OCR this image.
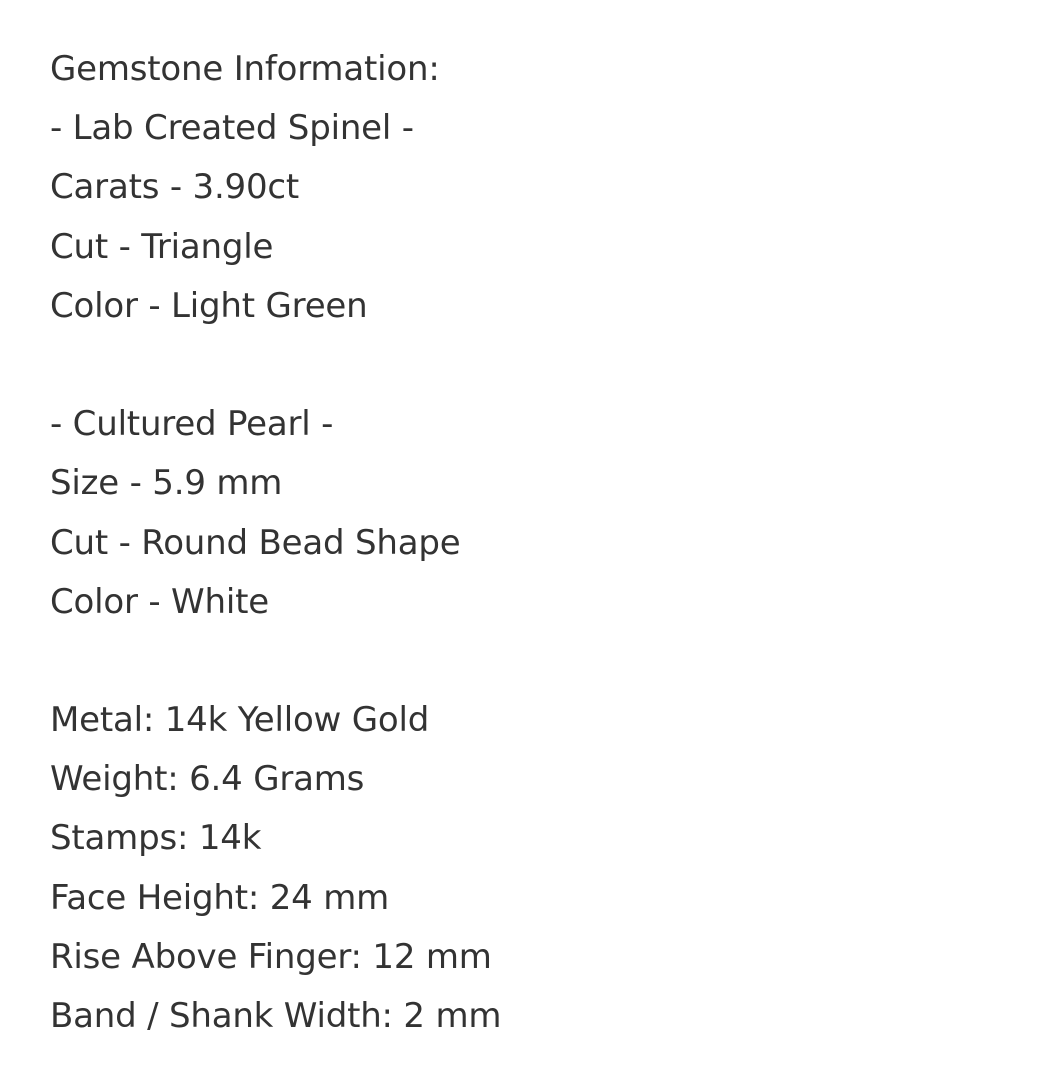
Gemstone Information:
- Lab Created Spinel -
Carats - 3.90ct
Cut - Triangle
Color - Light Green
- Cultured Pearl -
Size - 5.9 mm
Cut - Round Bead Shape
Color - White
Metal: 14k Yellow Gold
Weight: 6.4 Grams
Stamps: 14k
Face Height: 24 mm
Rise Above Finger: 12 mm
Band / Shank Width: 2 mm
